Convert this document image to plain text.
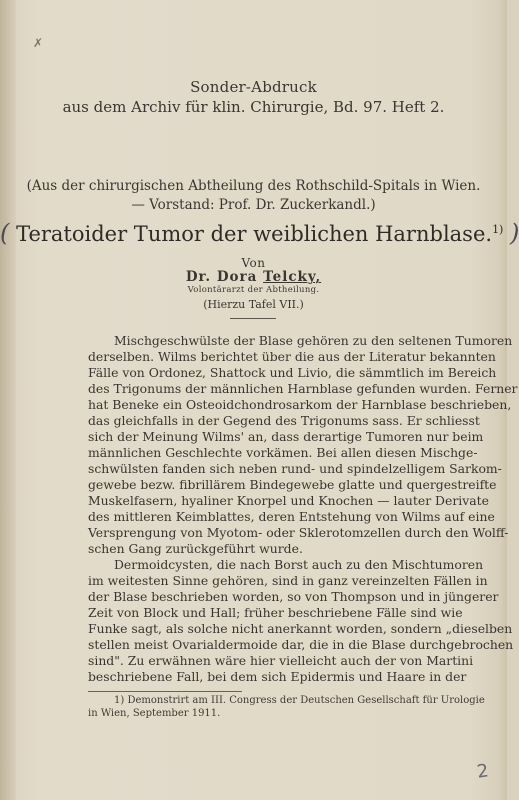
✗
Sonder-Abdruck
aus dem Archiv für klin. Chirurgie, Bd. 97. Heft 2.
(Aus der chirurgischen Abtheilung des Rothschild-Spitals in Wien.
— Vorstand: Prof. Dr. Zuckerkandl.)
( Teratoider Tumor der weiblichen Harnblase.$^{1)}$ )
Von
Dr. Dora Telcky,
Volontärarzt der Abtheilung.
(Hierzu Tafel VII.)
Mischgeschwülste der Blase gehören zu den seltenen Tumoren
derselben. Wilms berichtet über die aus der Literatur bekannten
Fälle von Ordonez, Shattock und Livio, die sämmtlich im Bereich
des Trigonums der männlichen Harnblase gefunden wurden. Ferner
hat Beneke ein Osteoidchondrosarkom der Harnblase beschrieben,
das gleichfalls in der Gegend des Trigonums sass. Er schliesst
sich der Meinung Wilms' an, dass derartige Tumoren nur beim
männlichen Geschlechte vorkämen. Bei allen diesen Mischge-
schwülsten fanden sich neben rund- und spindelzelligem Sarkom-
gewebe bezw. fibrillärem Bindegewebe glatte und quergestreifte
Muskelfasern, hyaliner Knorpel und Knochen — lauter Derivate
des mittleren Keimblattes, deren Entstehung von Wilms auf eine
Versprengung von Myotom- oder Sklerotomzellen durch den Wolff-
schen Gang zurückgeführt wurde.
Dermoidcysten, die nach Borst auch zu den Mischtumoren
im weitesten Sinne gehören, sind in ganz vereinzelten Fällen in
der Blase beschrieben worden, so von Thompson und in jüngerer
Zeit von Block und Hall; früher beschriebene Fälle sind wie
Funke sagt, als solche nicht anerkannt worden, sondern „dieselben
stellen meist Ovarialdermoide dar, die in die Blase durchgebrochen
sind". Zu erwähnen wäre hier vielleicht auch der von Martini
beschriebene Fall, bei dem sich Epidermis und Haare in der
1) Demonstrirt am III. Congress der Deutschen Gesellschaft für Urologie
in Wien, September 1911.
2
